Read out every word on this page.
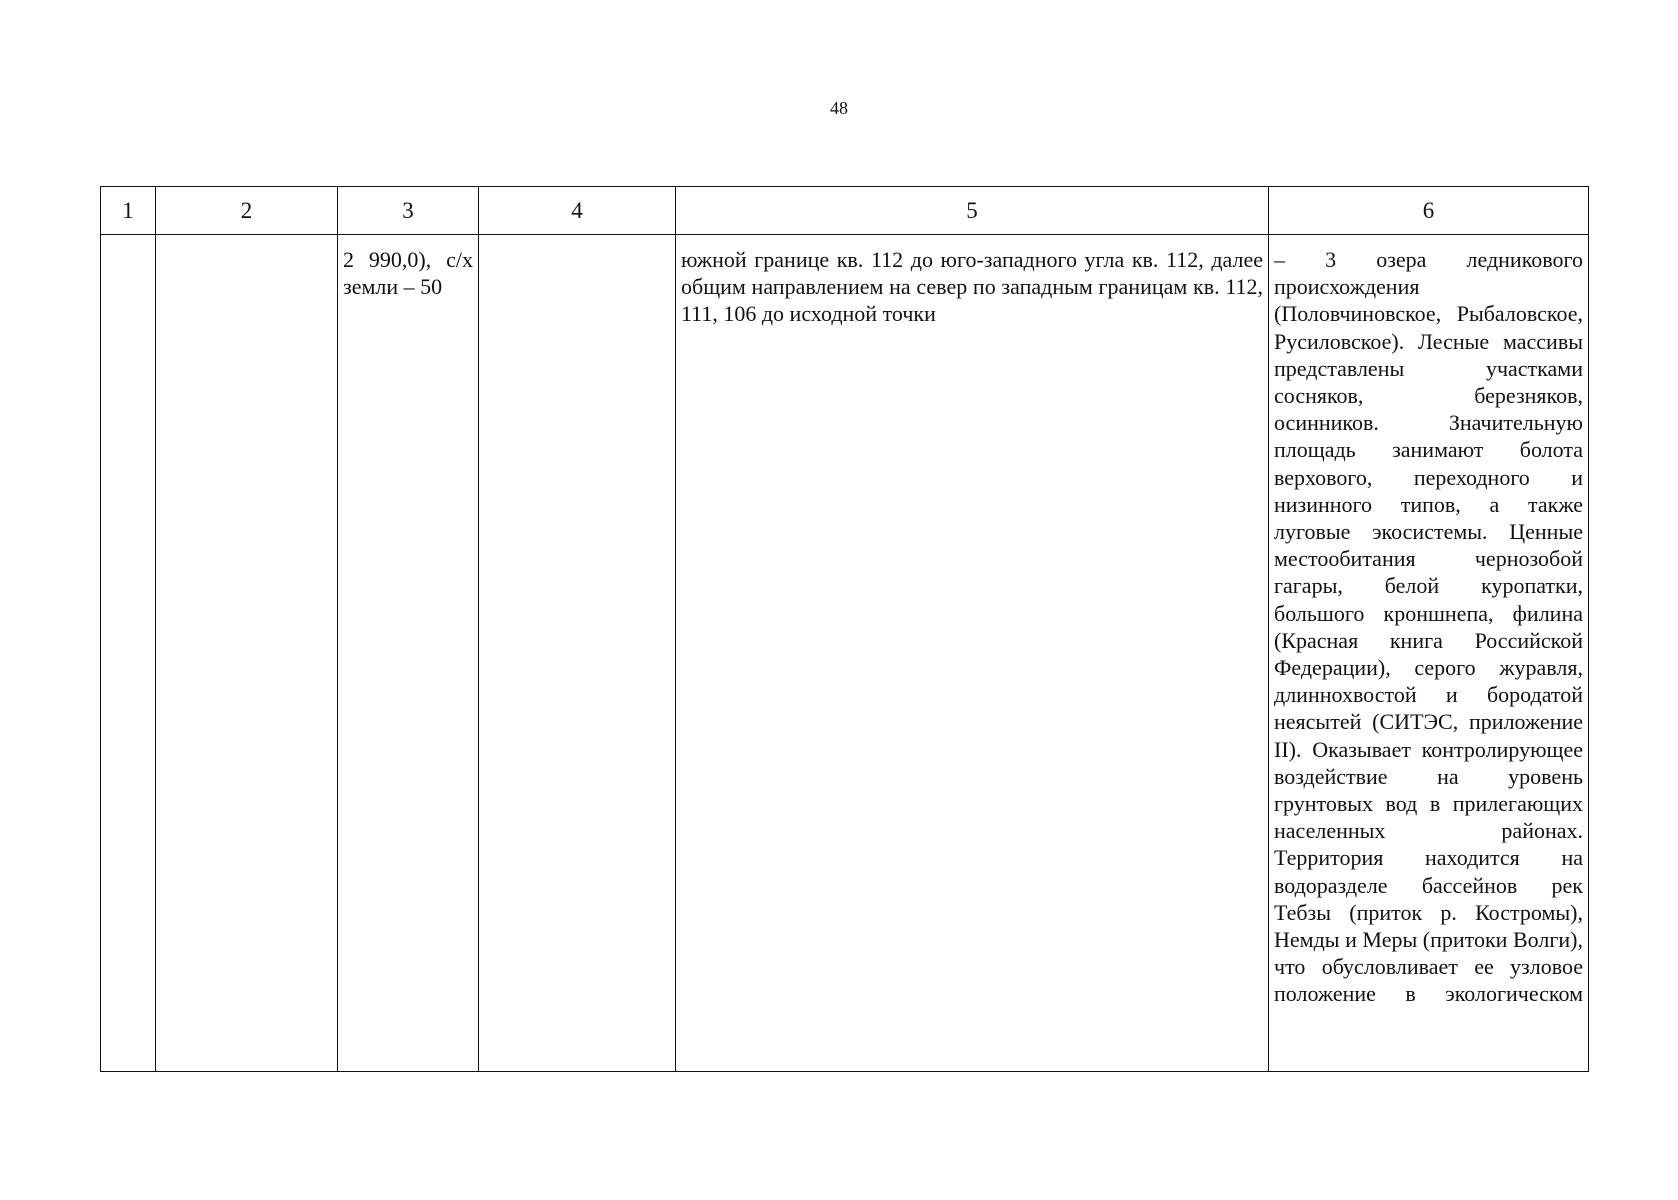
48
1	2	3	4	5	6
		2 990,0), с/х земли – 50		южной границе кв. 112 до юго-западного угла кв. 112, далее общим направлением на север по западным границам кв. 112, 111, 106 до исходной точки	– 3 озера ледникового происхождения (Половчиновское, Рыбаловское, Русиловское). Лесные массивы представлены участками сосняков, березняков, осинников. Значительную площадь занимают болота верхового, переходного и низинного типов, а также луговые экосистемы. Ценные местообитания чернозобой гагары, белой куропатки, большого кроншнепа, филина (Красная книга Российской Федерации), серого журавля, длиннохвостой и бородатой неясытей (СИТЭС, приложение II). Оказывает контролирующее воздействие на уровень грунтовых вод в прилегающих населенных районах. Территория находится на водоразделе бассейнов рек Тебзы (приток р. Костромы), Немды и Меры (притоки Волги), что обусловливает ее узловое положение в экологическом
